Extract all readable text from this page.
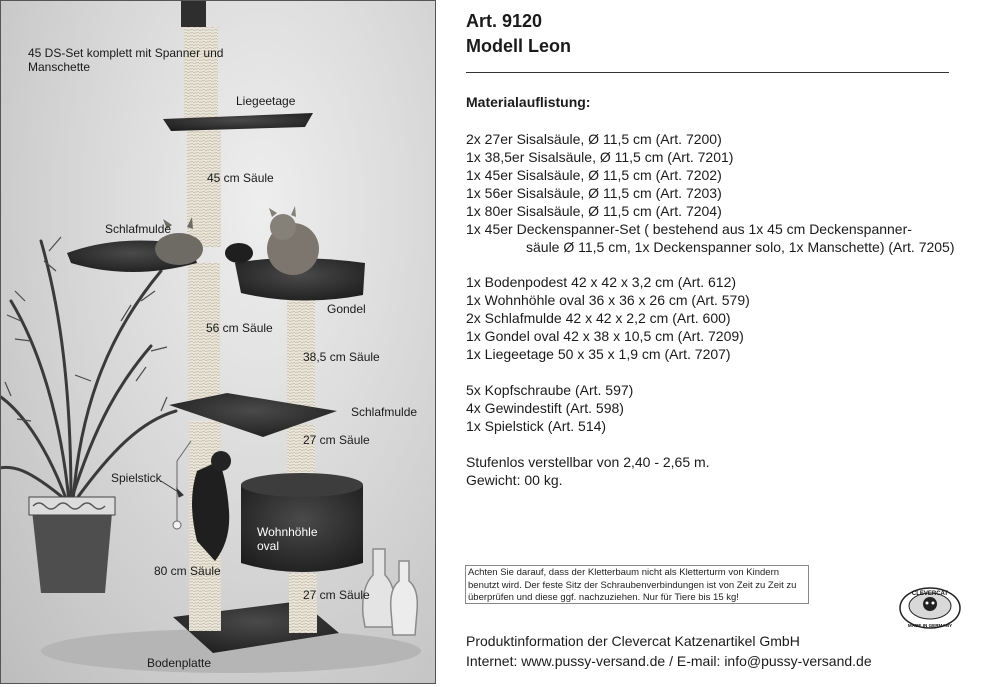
45 DS-Set komplett mit Spanner und Manschette
Liegeetage
45 cm Säule
Schlafmulde
Gondel
56 cm Säule
38,5 cm Säule
Schlafmulde
27 cm Säule
Spielstick
Wohnhöhle oval
80 cm Säule
27 cm Säule
Bodenplatte
Art. 9120
Modell Leon
Materialauflistung:
2x 27er Sisalsäule, Ø 11,5 cm (Art. 7200)
1x 38,5er Sisalsäule, Ø 11,5 cm (Art. 7201)
1x 45er Sisalsäule, Ø 11,5 cm (Art. 7202)
1x 56er Sisalsäule, Ø 11,5 cm (Art. 7203)
1x 80er Sisalsäule, Ø 11,5 cm (Art. 7204)
1x 45er Deckenspanner-Set ( bestehend aus 1x 45 cm Deckenspanner-
säule Ø 11,5 cm, 1x Deckenspanner solo, 1x Manschette) (Art. 7205)
1x Bodenpodest 42 x 42 x 3,2 cm (Art. 612)
1x Wohnhöhle oval 36 x 36 x 26 cm (Art. 579)
2x Schlafmulde 42 x 42 x 2,2 cm (Art. 600)
1x Gondel oval 42 x 38 x 10,5 cm (Art. 7209)
1x Liegeetage 50 x 35 x 1,9 cm (Art. 7207)
5x Kopfschraube (Art. 597)
4x Gewindestift (Art. 598)
1x Spielstick (Art. 514)
Stufenlos verstellbar von 2,40 - 2,65 m.
Gewicht: 00 kg.
Achten Sie darauf, dass der Kletterbaum nicht als Kletterturm von Kindern benutzt wird. Der feste Sitz der Schraubenverbindungen ist von Zeit zu Zeit zu überprüfen und diese ggf. nachzuziehen. Nur für Tiere bis 15 kg!
Produktinformation der Clevercat Katzenartikel GmbH
Internet: www.pussy-versand.de / E-mail: info@pussy-versand.de
CLEVERCAT
MADE IN GERMANY
